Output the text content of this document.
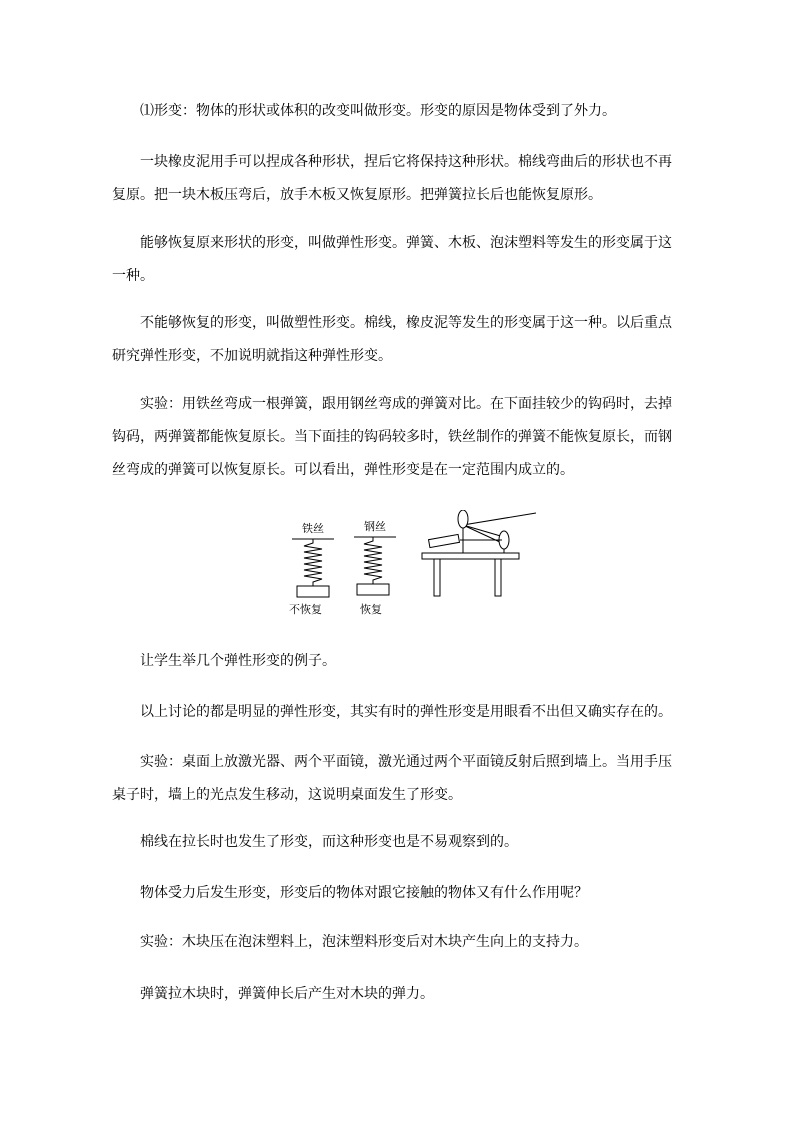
⑴形变：物体的形状或体积的改变叫做形变。形变的原因是物体受到了外力。

一块橡皮泥用手可以捏成各种形状，捏后它将保持这种形状。棉线弯曲后的形状也不再复原。把一块木板压弯后，放手木板又恢复原形。把弹簧拉长后也能恢复原形。

能够恢复原来形状的形变，叫做弹性形变。弹簧、木板、泡沫塑料等发生的形变属于这一种。

不能够恢复的形变，叫做塑性形变。棉线，橡皮泥等发生的形变属于这一种。以后重点研究弹性形变，不加说明就指这种弹性形变。

实验：用铁丝弯成一根弹簧，跟用钢丝弯成的弹簧对比。在下面挂较少的钩码时，去掉钩码，两弹簧都能恢复原长。当下面挂的钩码较多时，铁丝制作的弹簧不能恢复原长，而钢丝弯成的弹簧可以恢复原长。可以看出，弹性形变是在一定范围内成立的。

铁丝
不恢复
钢丝
恢复

让学生举几个弹性形变的例子。

以上讨论的都是明显的弹性形变，其实有时的弹性形变是用眼看不出但又确实存在的。

实验：桌面上放激光器、两个平面镜，激光通过两个平面镜反射后照到墙上。当用手压桌子时，墙上的光点发生移动，这说明桌面发生了形变。

棉线在拉长时也发生了形变，而这种形变也是不易观察到的。

物体受力后发生形变，形变后的物体对跟它接触的物体又有什么作用呢？

实验：木块压在泡沫塑料上，泡沫塑料形变后对木块产生向上的支持力。

弹簧拉木块时，弹簧伸长后产生对木块的弹力。
